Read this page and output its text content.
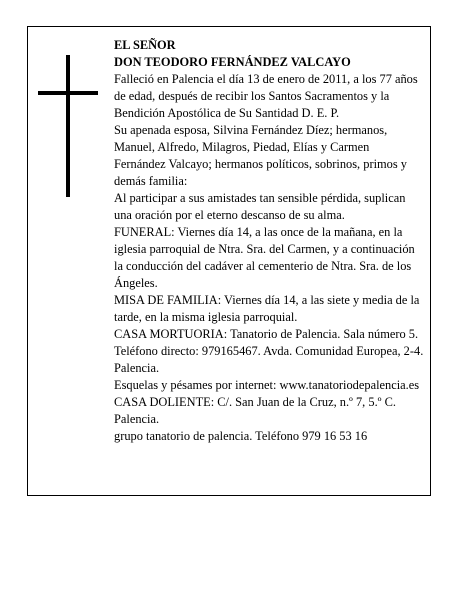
EL SEÑOR

DON TEODORO FERNÁNDEZ VALCAYO

Falleció en Palencia el día 13 de enero de 2011, a los 77 años de edad, después de recibir los Santos Sacramentos y la Bendición Apostólica de Su Santidad D. E. P.

Su apenada esposa, Silvina Fernández Díez; hermanos, Manuel, Alfredo, Milagros, Piedad, Elías y Carmen Fernández Valcayo; hermanos políticos, sobrinos, primos y demás familia:

Al participar a sus amistades tan sensible pérdida, suplican una oración por el eterno descanso de su alma.

FUNERAL: Viernes día 14, a las once de la mañana, en la iglesia parroquial de Ntra. Sra. del Carmen, y a continuación la conducción del cadáver al cementerio de Ntra. Sra. de los Ángeles.

MISA DE FAMILIA: Viernes día 14, a las siete y media de la tarde, en la misma iglesia parroquial.

CASA MORTUORIA: Tanatorio de Palencia. Sala número 5. Teléfono directo: 979165467. Avda. Comunidad Europea, 2-4. Palencia.

Esquelas y pésames por internet: www.tanatoriodepalencia.es

CASA DOLIENTE: C/. San Juan de la Cruz, n.º 7, 5.º C. Palencia.

grupo tanatorio de palencia. Teléfono 979 16 53 16
